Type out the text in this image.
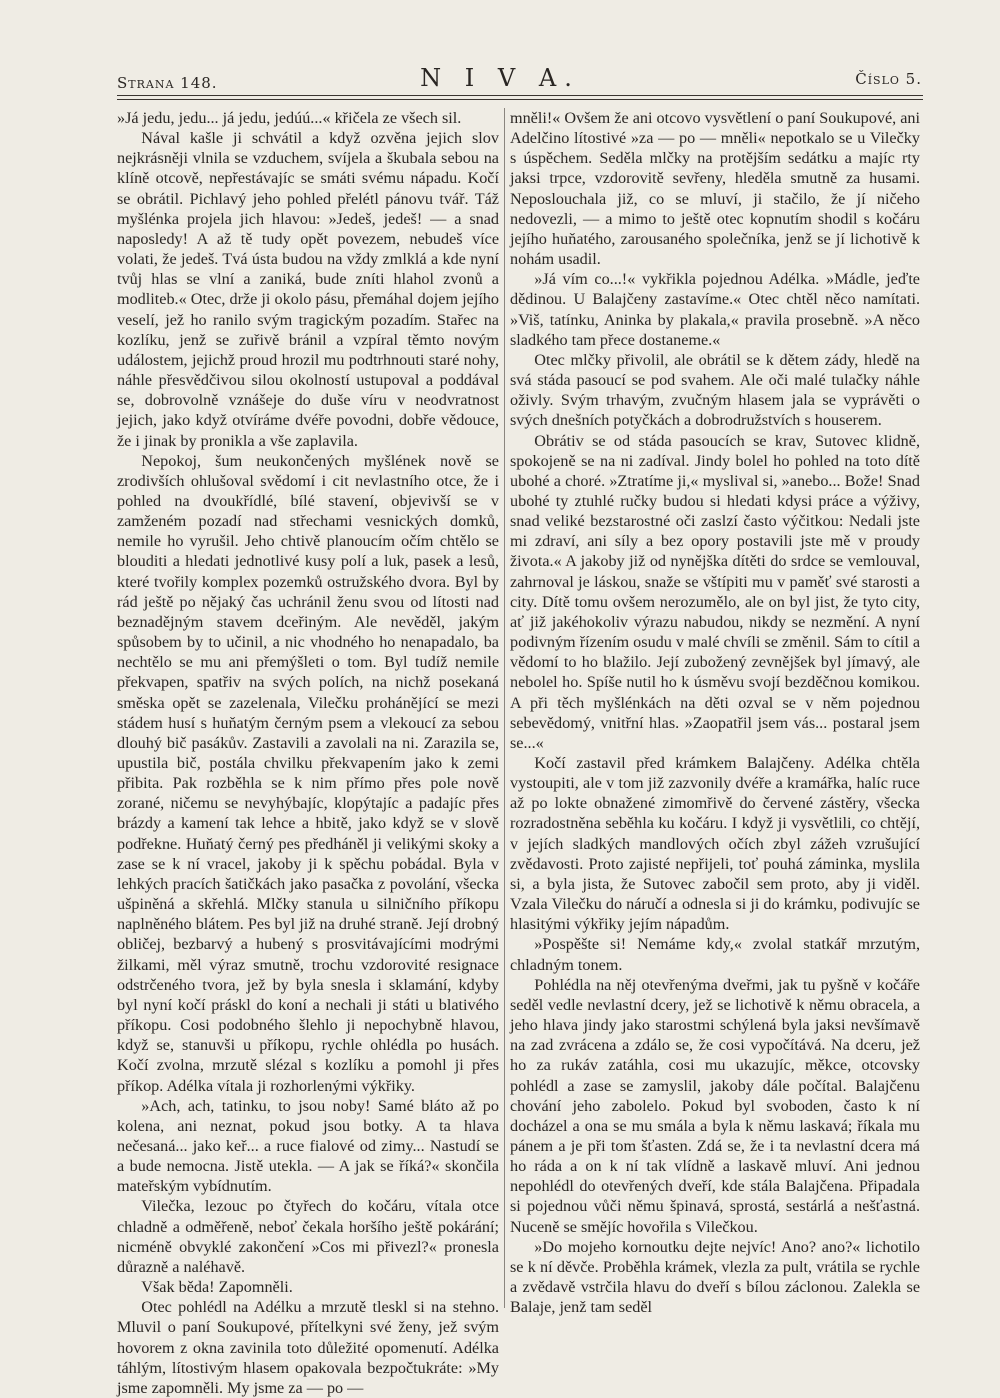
Strana 148.	N I V A.	Číslo 5.

»Já jedu, jedu... já jedu, jedúú...« křičela ze všech sil.

Nával kašle ji schvátil a když ozvěna jejich slov nejkrásněji vlnila se vzduchem, svíjela a škubala sebou na klíně otcově, nepřestávajíc se smáti svému nápadu. Kočí se obrátil. Pichlavý jeho pohled přelétl pánovu tvář. Táž myšlénka projela jich hlavou: »Jedeš, jedeš! — a snad naposledy! A až tě tudy opět povezem, nebudeš více volati, že jedeš. Tvá ústa budou na vždy zmlklá a kde nyní tvůj hlas se vlní a zaniká, bude zníti hlahol zvonů a modliteb.« Otec, drže ji okolo pásu, přemáhal dojem jejího veselí, jež ho ranilo svým tragickým pozadím. Stařec na kozlíku, jenž se zuřivě bránil a vzpíral těmto novým událostem, jejichž proud hrozil mu podtrhnouti staré nohy, náhle přesvědčivou silou okolností ustupoval a poddával se, dobrovolně vznášeje do duše víru v neodvratnost jejich, jako když otvíráme dvéře povodni, dobře vědouce, že i jinak by pronikla a vše zaplavila.

Nepokoj, šum neukončených myšlének nově se zrodivších ohlušoval svědomí i cit nevlastního otce, že i pohled na dvoukřídlé, bílé stavení, objevivší se v zamženém pozadí nad střechami vesnických domků, nemile ho vyrušil. Jeho chtivě planoucím očím chtělo se blouditi a hledati jednotlivé kusy polí a luk, pasek a lesů, které tvořily komplex pozemků ostružského dvora. Byl by rád ještě po nějaký čas uchránil ženu svou od lítosti nad beznadějným stavem dceřiným. Ale nevěděl, jakým spůsobem by to učinil, a nic vhodného ho nenapadalo, ba nechtělo se mu ani přemýšleti o tom. Byl tudíž nemile překvapen, spatřiv na svých polích, na nichž posekaná směska opět se zazelenala, Vilečku prohánějící se mezi stádem husí s huňatým černým psem a vlekoucí za sebou dlouhý bič pasákův. Zastavili a zavolali na ni. Zarazila se, upustila bič, postála chvilku překvapením jako k zemi přibita. Pak rozběhla se k nim přímo přes pole nově zorané, ničemu se nevyhýbajíc, klopýtajíc a padajíc přes brázdy a kamení tak lehce a hbitě, jako když se v slově podřekne. Huňatý černý pes předháněl ji velikými skoky a zase se k ní vracel, jakoby ji k spěchu pobádal. Byla v lehkých pracích šatičkách jako pasačka z povolání, všecka ušpiněná a skřehlá. Mlčky stanula u silničního příkopu naplněného blátem. Pes byl již na druhé straně. Její drobný obličej, bezbarvý a hubený s prosvitávajícími modrými žilkami, měl výraz smutně, trochu vzdorovité resignace odstrčeného tvora, jež by byla snesla i sklamání, kdyby byl nyní kočí práskl do koní a nechali ji státi u blativého příkopu. Cosi podobného šlehlo ji nepochybně hlavou, když se, stanuvši u příkopu, rychle ohlédla po husách. Kočí zvolna, mrzutě slézal s kozlíku a pomohl ji přes příkop. Adélka vítala ji rozhorlenými výkřiky.

»Ach, ach, tatinku, to jsou noby! Samé bláto až po kolena, ani neznat, pokud jsou botky. A ta hlava nečesaná... jako keř... a ruce fialové od zimy... Nastudí se a bude nemocna. Jistě utekla. — A jak se říká?« skončila mateřským vybídnutím.

Vilečka, lezouc po čtyřech do kočáru, vítala otce chladně a odměřeně, neboť čekala horšího ještě pokárání; nicméně obvyklé zakončení »Cos mi přivezl?« pronesla důrazně a naléhavě.

Však běda! Zapomněli.

Otec pohlédl na Adélku a mrzutě tleskl si na stehno. Mluvil o paní Soukupové, přítelkyni své ženy, jež svým hovorem z okna zavinila toto důležité opomenutí. Adélka táhlým, lítostivým hlasem opakovala bezpočtukráte: »My jsme zapomněli. My jsme za — po —

mněli!« Ovšem že ani otcovo vysvětlení o paní Soukupové, ani Adelčino lítostivé »za — po — mněli« nepotkalo se u Vilečky s úspěchem. Seděla mlčky na protějším sedátku a majíc rty jaksi trpce, vzdorovitě sevřeny, hleděla smutně za husami. Neposlouchala již, co se mluví, ji stačilo, že jí ničeho nedovezli, — a mimo to ještě otec kopnutím shodil s kočáru jejího huňatého, zarousaného společníka, jenž se jí lichotivě k nohám usadil.

»Já vím co...!« vykřikla pojednou Adélka. »Mádle, jeďte dědinou. U Balajčeny zastavíme.« Otec chtěl něco namítati. »Viš, tatínku, Aninka by plakala,« pravila prosebně. »A něco sladkého tam přece dostaneme.«

Otec mlčky přivolil, ale obrátil se k dětem zády, hledě na svá stáda pasoucí se pod svahem. Ale oči malé tulačky náhle oživly. Svým trhavým, zvučným hlasem jala se vyprávěti o svých dnešních potyčkách a dobrodružstvích s houserem.

Obrátiv se od stáda pasoucích se krav, Sutovec klidně, spokojeně se na ni zadíval. Jindy bolel ho pohled na toto dítě ubohé a choré. »Ztratíme ji,« myslival si, »anebo... Bože! Snad ubohé ty ztuhlé ručky budou si hledati kdysi práce a výživy, snad veliké bezstarostné oči zaslzí často výčitkou: Nedali jste mi zdraví, ani síly a bez opory postavili jste mě v proudy života.« A jakoby již od nynějška dítěti do srdce se vemlouval, zahrnoval je láskou, snaže se vštípiti mu v paměť své starosti a city. Dítě tomu ovšem nerozumělo, ale on byl jist, že tyto city, ať již jakéhokoliv výrazu nabudou, nikdy se nezmění. A nyní podivným řízením osudu v malé chvíli se změnil. Sám to cítil a vědomí to ho blažilo. Její zubožený zevnějšek byl jímavý, ale nebolel ho. Spíše nutil ho k úsměvu svojí bezděčnou komikou. A při těch myšlénkách na děti ozval se v něm pojednou sebevědomý, vnitřní hlas. »Zaopatřil jsem vás... postaral jsem se...«

Kočí zastavil před krámkem Balajčeny. Adélka chtěla vystoupiti, ale v tom již zazvonily dvéře a kramářka, halíc ruce až po lokte obnažené zimomřivě do červené zástěry, všecka rozradostněna seběhla ku kočáru. I když ji vysvětlili, co chtějí, v jejích sladkých mandlových očích zbyl zážeh vzrušující zvědavosti. Proto zajisté nepřijeli, toť pouhá záminka, myslila si, a byla jista, že Sutovec zabočil sem proto, aby ji viděl. Vzala Vilečku do náručí a odnesla si ji do krámku, podivujíc se hlasitými výkřiky jejím nápadům.

»Pospěšte si! Nemáme kdy,« zvolal statkář mrzutým, chladným tonem.

Pohlédla na něj otevřenýma dveřmi, jak tu pyšně v kočáře seděl vedle nevlastní dcery, jež se lichotivě k němu obracela, a jeho hlava jindy jako starostmi schýlená byla jaksi nevšímavě na zad zvrácena a zdálo se, že cosi vypočítává. Na dceru, jež ho za rukáv zatáhla, cosi mu ukazujíc, měkce, otcovsky pohlédl a zase se zamyslil, jakoby dále počítal. Balajčenu chování jeho zabolelo. Pokud byl svoboden, často k ní docházel a ona se mu smála a byla k němu laskavá; říkala mu pánem a je při tom šťasten. Zdá se, že i ta nevlastní dcera má ho ráda a on k ní tak vlídně a laskavě mluví. Ani jednou nepohlédl do otevřených dveří, kde stála Balajčena. Připadala si pojednou vůči němu špinavá, sprostá, sestárlá a nešťastná. Nuceně se smějíc hovořila s Vilečkou.

»Do mojeho kornoutku dejte nejvíc! Ano? ano?« lichotilo se k ní děvče. Proběhla krámek, vlezla za pult, vrátila se rychle a zvědavě vstrčila hlavu do dveří s bílou záclonou. Zalekla se Balaje, jenž tam seděl
